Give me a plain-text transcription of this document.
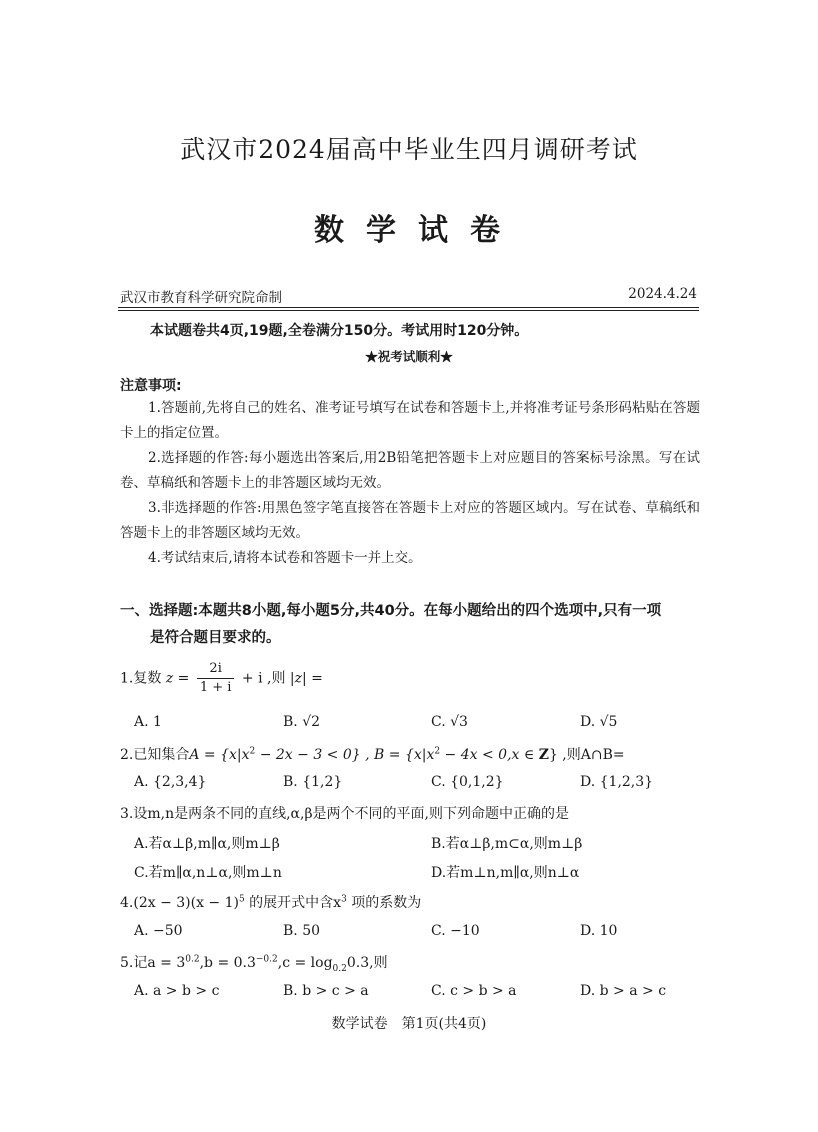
武汉市2024届高中毕业生四月调研考试
数学试卷
武汉市教育科学研究院命制	2024.4.24
本试题卷共4页,19题,全卷满分150分。考试用时120分钟。
★祝考试顺利★
注意事项:
1.答题前,先将自己的姓名、准考证号填写在试卷和答题卡上,并将准考证号条形码粘贴在答题卡上的指定位置。
2.选择题的作答:每小题选出答案后,用2B铅笔把答题卡上对应题目的答案标号涂黑。写在试卷、草稿纸和答题卡上的非答题区域均无效。
3.非选择题的作答:用黑色签字笔直接答在答题卡上对应的答题区域内。写在试卷、草稿纸和答题卡上的非答题区域均无效。
4.考试结束后,请将本试卷和答题卡一并上交。
一、选择题:本题共8小题,每小题5分,共40分。在每小题给出的四个选项中,只有一项
是符合题目要求的。
1.复数 $z = \frac{2i}{1 + i} + i$ ,则 |z| =
A. 1	B. √2	C. √3	D. √5
2.已知集合$A = \{x|x^2 - 2x - 3 < 0\}$ , $B = \{x|x^2 - 4x < 0,x$ ∈ Z} ,则A∩B=
A. {2,3,4}	B. {1,2}	C. {0,1,2}	D. {1,2,3}
3.设m,n是两条不同的直线,α,β是两个不同的平面,则下列命题中正确的是
A.若α⊥β,m∥α,则m⊥β	B.若α⊥β,m⊂α,则m⊥β
C.若m∥α,n⊥α,则m⊥n	D.若m⊥n,m∥α,则n⊥α
$4.(2x - 3)(x - 1)^5$ 的展开式中含$x^3$ 项的系数为
A. −50	B. 50	C. −10	D. 10
5.记$a = 3^{0.2},b = 0.3^{-0.2},c = \log_{0.2}0.3$,则
A. a > b > c	B. b > c > a	C. c > b > a	D. b > a > c
数学试卷　第1页(共4页)
